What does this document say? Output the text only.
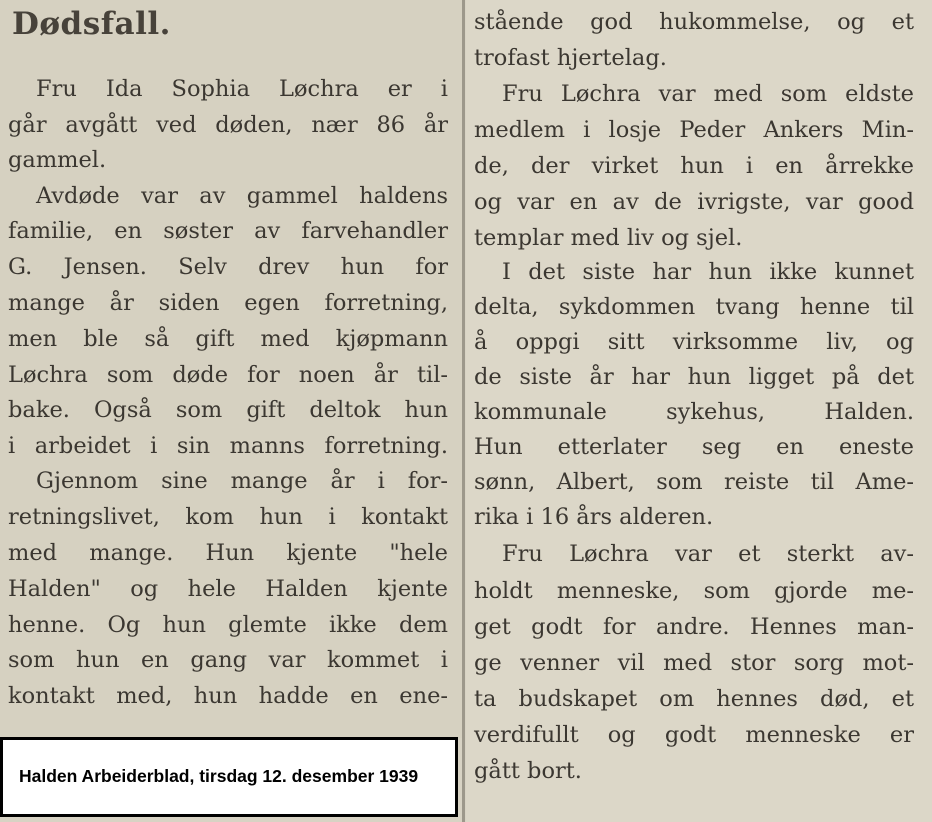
Dødsfall.
Fru Ida Sophia Løchra er i
går avgått ved døden, nær 86 år
gammel.
Avdøde var av gammel haldens
familie, en søster av farvehandler
G. Jensen. Selv drev hun for
mange år siden egen forretning,
men ble så gift med kjøpmann
Løchra som døde for noen år til-
bake. Også som gift deltok hun
i arbeidet i sin manns forretning.
Gjennom sine mange år i for-
retningslivet, kom hun i kontakt
med mange. Hun kjente "hele
Halden" og hele Halden kjente
henne. Og hun glemte ikke dem
som hun en gang var kommet i
kontakt med, hun hadde en ene-
stående god hukommelse, og et
trofast hjertelag.
Fru Løchra var med som eldste
medlem i losje Peder Ankers Min-
de, der virket hun i en årrekke
og var en av de ivrigste, var good
templar med liv og sjel.
I det siste har hun ikke kunnet
delta, sykdommen tvang henne til
å oppgi sitt virksomme liv, og
de siste år har hun ligget på det
kommunale sykehus, Halden.
Hun etterlater seg en eneste
sønn, Albert, som reiste til Ame-
rika i 16 års alderen.
Fru Løchra var et sterkt av-
holdt menneske, som gjorde me-
get godt for andre. Hennes man-
ge venner vil med stor sorg mot-
ta budskapet om hennes død, et
verdifullt og godt menneske er
gått bort.
Halden Arbeiderblad, tirsdag 12. desember 1939
